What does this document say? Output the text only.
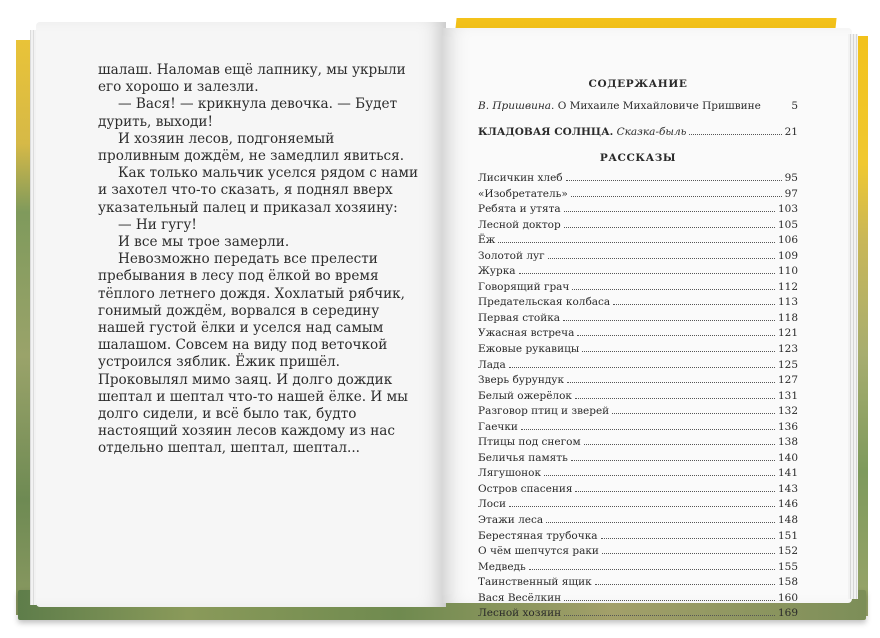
шалаш. Наломав ещё лапнику, мы укрыли его хорошо и залезли.

— Вася! — крикнула девочка. — Будет дурить, выходи!

И хозяин лесов, подгоняемый проливным дождём, не замедлил явиться.

Как только мальчик уселся рядом с нами и захотел что-то сказать, я поднял вверх указательный палец и приказал хозяину:

— Ни гугу!

И все мы трое замерли.

Невозможно передать все прелести пребывания в лесу под ёлкой во время тёплого летнего дождя. Хохлатый рябчик, гонимый дождём, ворвался в середину нашей густой ёлки и уселся над самым шалашом. Совсем на виду под веточкой устроился зяблик. Ёжик пришёл. Проковылял мимо заяц. И долго дождик шептал и шептал что-то нашей ёлке. И мы долго сидели, и всё было так, будто настоящий хозяин лесов каждому из нас отдельно шептал, шептал, шептал...

СОДЕРЖАНИЕ
В. Пришвина. О Михаиле Михайловиче Пришвине	5
КЛАДОВАЯ СОЛНЦА. Сказка-быль	21
РАССКАЗЫ
Лисичкин хлеб	95
«Изобретатель»	97
Ребята и утята	103
Лесной доктор	105
Ёж	106
Золотой луг	109
Журка	110
Говорящий грач	112
Предательская колбаса	113
Первая стойка	118
Ужасная встреча	121
Ежовые рукавицы	123
Лада	125
Зверь бурундук	127
Белый ожерёлок	131
Разговор птиц и зверей	132
Гаечки	136
Птицы под снегом	138
Беличья память	140
Лягушонок	141
Остров спасения	143
Лоси	146
Этажи леса	148
Берестяная трубочка	151
О чём шепчутся раки	152
Медведь	155
Таинственный ящик	158
Вася Весёлкин	160
Лесной хозяин	169
